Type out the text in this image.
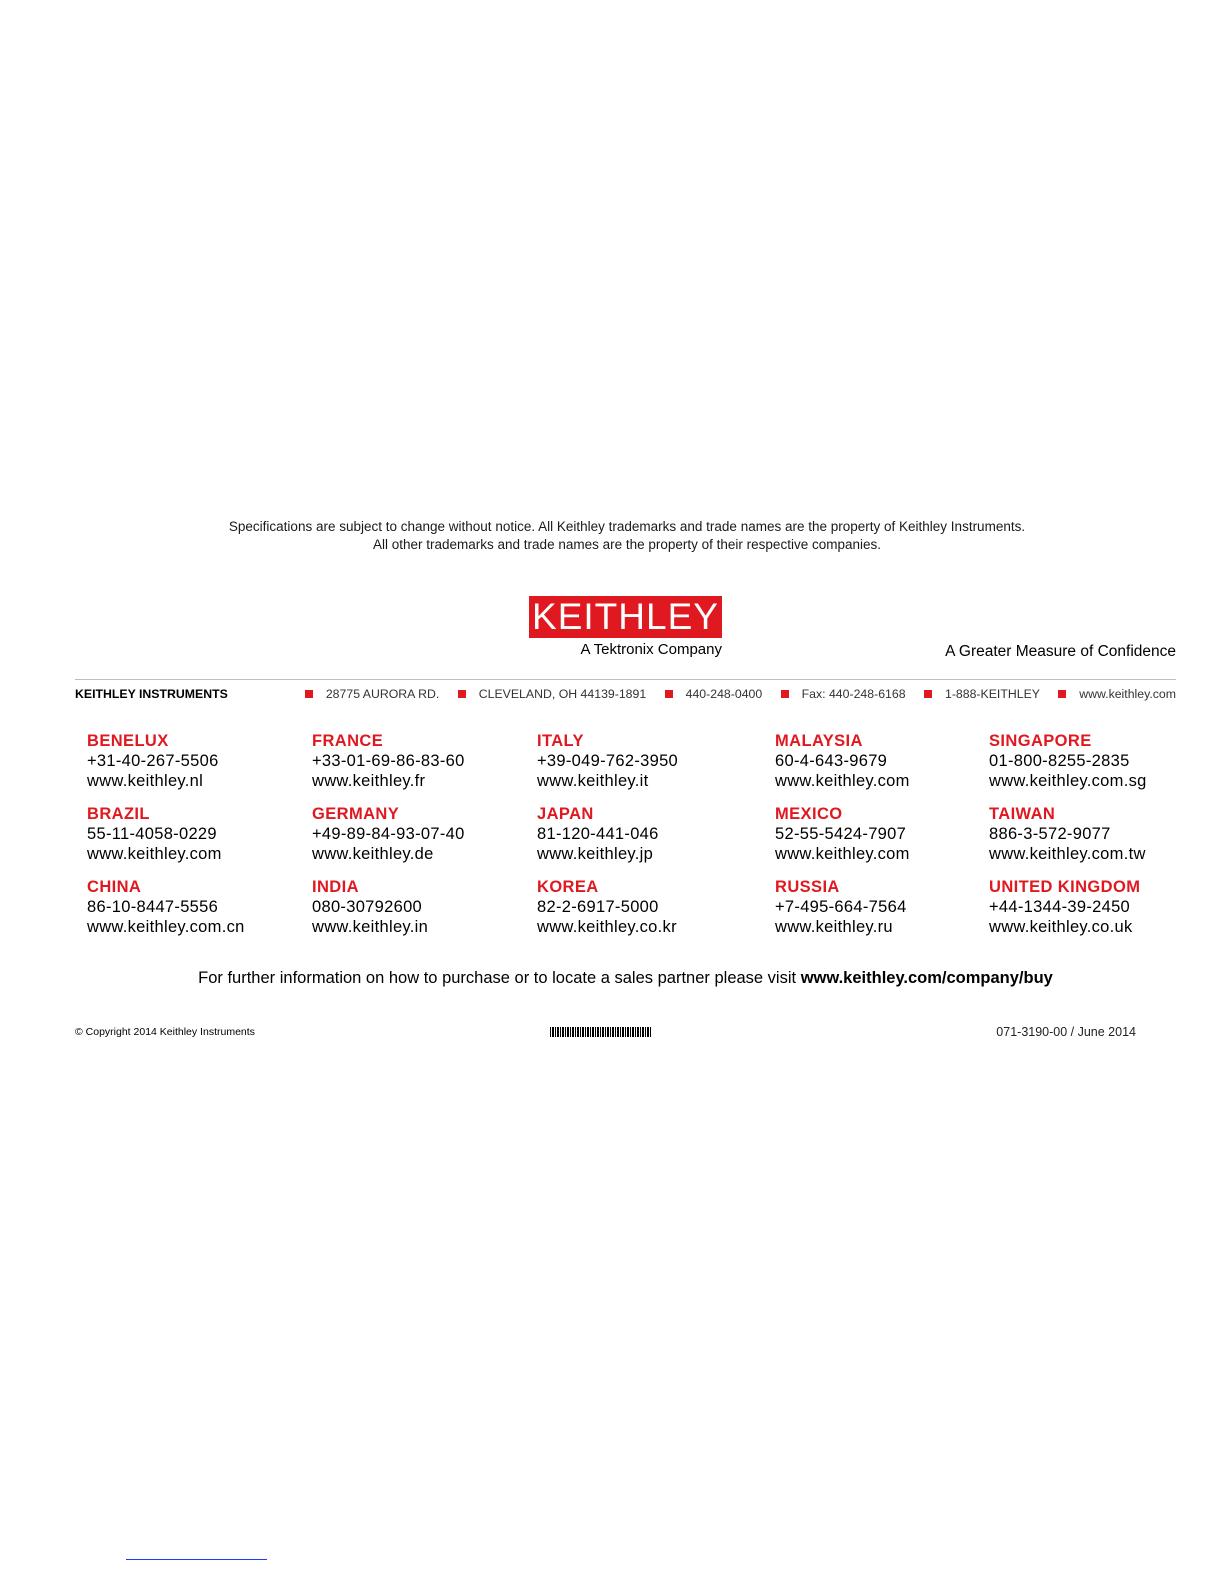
Specifications are subject to change without notice. All Keithley trademarks and trade names are the property of Keithley Instruments.
All other trademarks and trade names are the property of their respective companies.
KEITHLEY
A Tektronix Company	A Greater Measure of Confidence
KEITHLEY INSTRUMENTS	28775 AURORA RD.	CLEVELAND, OH 44139-1891	440-248-0400	Fax: 440-248-6168	1-888-KEITHLEY	www.keithley.com
BENELUX
+31-40-267-5506
www.keithley.nl
FRANCE
+33-01-69-86-83-60
www.keithley.fr
ITALY
+39-049-762-3950
www.keithley.it
MALAYSIA
60-4-643-9679
www.keithley.com
SINGAPORE
01-800-8255-2835
www.keithley.com.sg
BRAZIL
55-11-4058-0229
www.keithley.com
GERMANY
+49-89-84-93-07-40
www.keithley.de
JAPAN
81-120-441-046
www.keithley.jp
MEXICO
52-55-5424-7907
www.keithley.com
TAIWAN
886-3-572-9077
www.keithley.com.tw
CHINA
86-10-8447-5556
www.keithley.com.cn
INDIA
080-30792600
www.keithley.in
KOREA
82-2-6917-5000
www.keithley.co.kr
RUSSIA
+7-495-664-7564
www.keithley.ru
UNITED KINGDOM
+44-1344-39-2450
www.keithley.co.uk
For further information on how to purchase or to locate a sales partner please visit www.keithley.com/company/buy
© Copyright 2014 Keithley Instruments	071-3190-00 / June 2014
